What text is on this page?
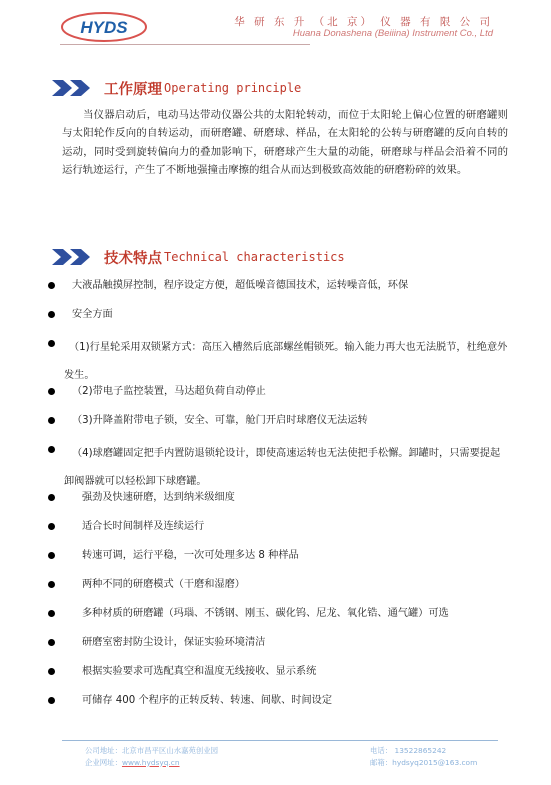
HYDS	华 研 东 升 （北 京） 仪 器 有 限 公 司
Huana Donashena (Beiiina) Instrument Co., Ltd
工作原理 Operating principle
当仪器启动后，电动马达带动仪器公共的太阳轮转动，而位于太阳轮上偏心位置的研磨罐则与太阳轮作反向的自转运动，而研磨罐、研磨球、样品，在太阳轮的公转与研磨罐的反向自转的运动，同时受到旋转偏向力的叠加影响下，研磨球产生大量的动能，研磨球与样品会沿着不同的运行轨迹运行，产生了不断地强撞击摩擦的组合从而达到极致高效能的研磨粉碎的效果。
技术特点 Technical characteristics
大液晶触摸屏控制，程序设定方便，超低噪音德国技术，运转噪音低，环保
安全方面
（1)行星轮采用双锁紧方式：高压入槽然后底部螺丝帽锁死。输入能力再大也无法脱节，杜绝意外发生。
（2)带电子监控装置，马达超负荷自动停止
（3)升降盖附带电子锁，安全、可靠，舱门开启时球磨仪无法运转
（4)球磨罐固定把手内置防退锁轮设计，即使高速运转也无法使把手松懈。卸罐时，只需要提起卸阀器就可以轻松卸下球磨罐。
强劲及快速研磨，达到纳米级细度
适合长时间制样及连续运行
转速可调，运行平稳，一次可处理多达 8 种样品
两种不同的研磨模式（干磨和湿磨）
多种材质的研磨罐（玛瑙、不锈钢、刚玉、碳化钨、尼龙、氧化锆、通气罐）可选
研磨室密封防尘设计，保证实验环境清洁
根据实验要求可选配真空和温度无线接收、显示系统
可储存 400 个程序的正转反转、转速、间歇、时间设定
公司地址：北京市昌平区山水嘉苑创业园
企业网址：www.hydsyq.cn
电话： 13522865242
邮箱：hydsyq2015@163.com
